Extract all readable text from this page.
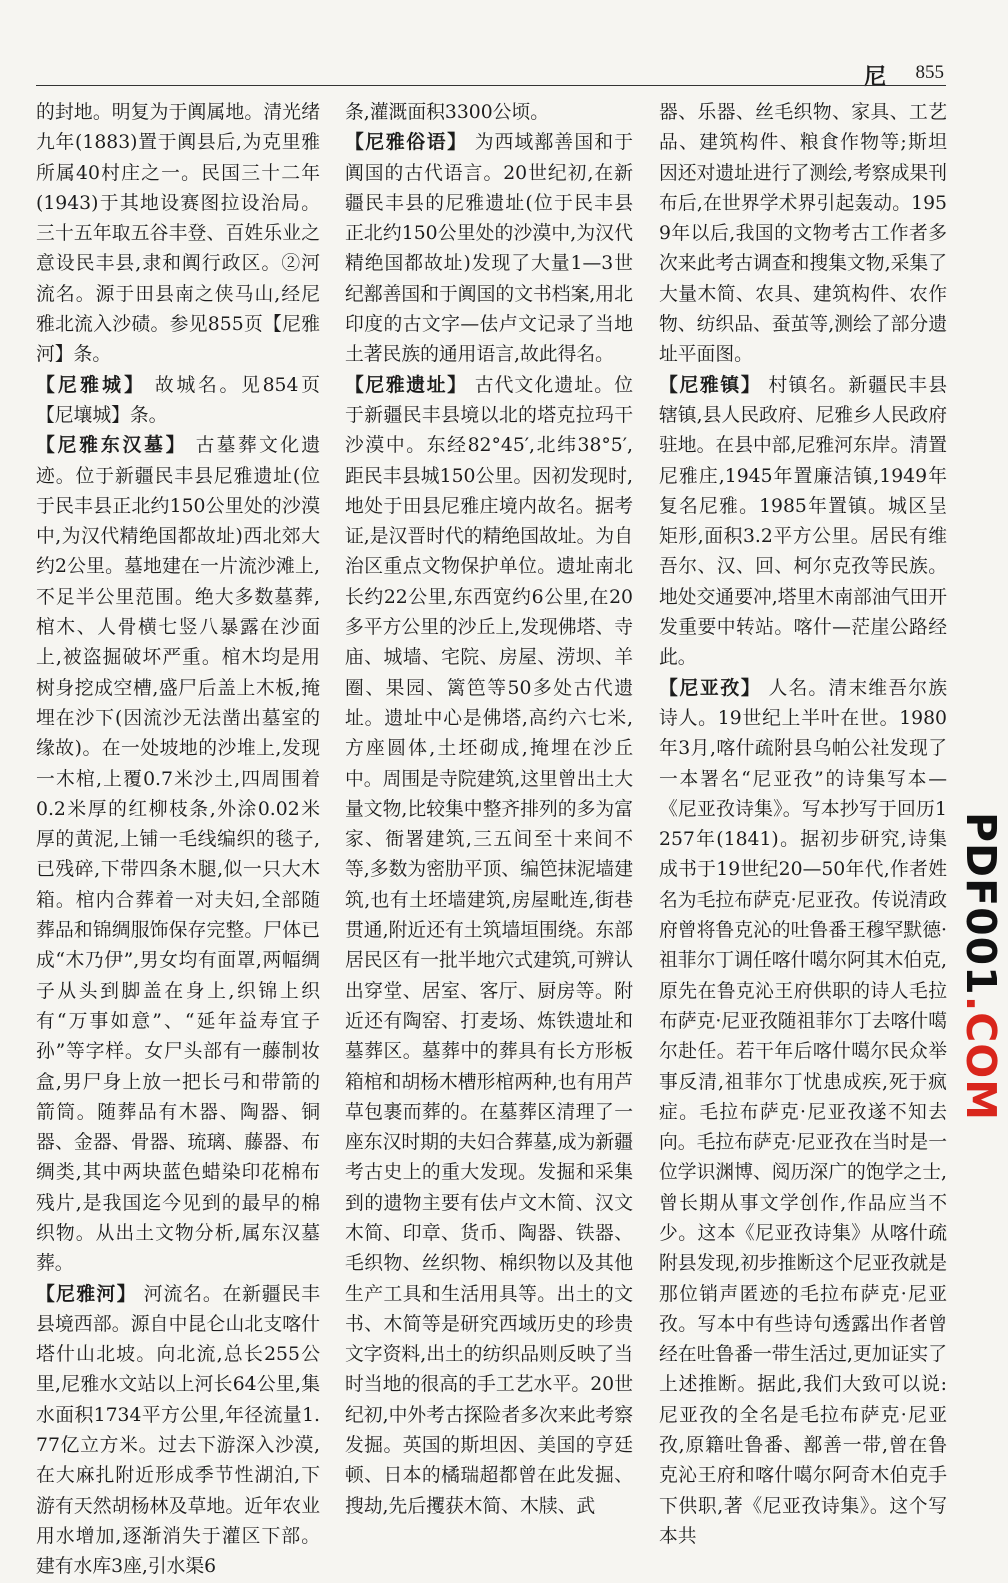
尼 855

的封地。明复为于阗属地。清光绪九年(1883)置于阗县后,为克里雅所属40村庄之一。民国三十二年(1943)于其地设赛图拉设治局。三十五年取五谷丰登、百姓乐业之意设民丰县,隶和阗行政区。②河流名。源于田县南之侠马山,经尼雅北流入沙碛。参见855页【尼雅河】条。

【尼雅城】 故城名。见854页【尼壤城】条。

【尼雅东汉墓】 古墓葬文化遗迹。位于新疆民丰县尼雅遗址(位于民丰县正北约150公里处的沙漠中,为汉代精绝国都故址)西北郊大约2公里。墓地建在一片流沙滩上,不足半公里范围。绝大多数墓葬,棺木、人骨横七竖八暴露在沙面上,被盗掘破坏严重。棺木均是用树身挖成空槽,盛尸后盖上木板,掩埋在沙下(因流沙无法凿出墓室的缘故)。在一处坡地的沙堆上,发现一木棺,上覆0.7米沙土,四周围着0.2米厚的红柳枝条,外涂0.02米厚的黄泥,上铺一毛线编织的毯子,已残碎,下带四条木腿,似一只大木箱。棺内合葬着一对夫妇,全部随葬品和锦绸服饰保存完整。尸体已成“木乃伊”,男女均有面罩,两幅绸子从头到脚盖在身上,织锦上织有“万事如意”、“延年益寿宜子孙”等字样。女尸头部有一藤制妆盒,男尸身上放一把长弓和带箭的箭筒。随葬品有木器、陶器、铜器、金器、骨器、琉璃、藤器、布绸类,其中两块蓝色蜡染印花棉布残片,是我国迄今见到的最早的棉织物。从出土文物分析,属东汉墓葬。

【尼雅河】 河流名。在新疆民丰县境西部。源自中昆仑山北支喀什塔什山北坡。向北流,总长255公里,尼雅水文站以上河长64公里,集水面积1734平方公里,年径流量1.77亿立方米。过去下游深入沙漠,在大麻扎附近形成季节性湖泊,下游有天然胡杨林及草地。近年农业用水增加,逐渐消失于灌区下部。建有水库3座,引水渠6

条,灌溉面积3300公顷。

【尼雅俗语】 为西域鄯善国和于阗国的古代语言。20世纪初,在新疆民丰县的尼雅遗址(位于民丰县正北约150公里处的沙漠中,为汉代精绝国都故址)发现了大量1—3世纪鄯善国和于阗国的文书档案,用北印度的古文字—佉卢文记录了当地土著民族的通用语言,故此得名。

【尼雅遗址】 古代文化遗址。位于新疆民丰县境以北的塔克拉玛干沙漠中。东经82°45′,北纬38°5′,距民丰县城150公里。因初发现时,地处于田县尼雅庄境内故名。据考证,是汉晋时代的精绝国故址。为自治区重点文物保护单位。遗址南北长约22公里,东西宽约6公里,在20多平方公里的沙丘上,发现佛塔、寺庙、城墙、宅院、房屋、涝坝、羊圈、果园、篱笆等50多处古代遗址。遗址中心是佛塔,高约六七米,方座圆体,土坯砌成,掩埋在沙丘中。周围是寺院建筑,这里曾出土大量文物,比较集中整齐排列的多为富家、衙署建筑,三五间至十来间不等,多数为密肋平顶、编笆抹泥墙建筑,也有土坯墙建筑,房屋毗连,街巷贯通,附近还有土筑墙垣围绕。东部居民区有一批半地穴式建筑,可辨认出穿堂、居室、客厅、厨房等。附近还有陶窑、打麦场、炼铁遗址和墓葬区。墓葬中的葬具有长方形板箱棺和胡杨木槽形棺两种,也有用芦草包裹而葬的。在墓葬区清理了一座东汉时期的夫妇合葬墓,成为新疆考古史上的重大发现。发掘和采集到的遗物主要有佉卢文木简、汉文木简、印章、货币、陶器、铁器、毛织物、丝织物、棉织物以及其他生产工具和生活用具等。出土的文书、木简等是研究西域历史的珍贵文字资料,出土的纺织品则反映了当时当地的很高的手工艺水平。20世纪初,中外考古探险者多次来此考察发掘。英国的斯坦因、美国的亨廷顿、日本的橘瑞超都曾在此发掘、搜劫,先后攫获木简、木牍、武

器、乐器、丝毛织物、家具、工艺品、建筑构件、粮食作物等;斯坦因还对遗址进行了测绘,考察成果刊布后,在世界学术界引起轰动。1959年以后,我国的文物考古工作者多次来此考古调查和搜集文物,采集了大量木简、农具、建筑构件、农作物、纺织品、蚕茧等,测绘了部分遗址平面图。

【尼雅镇】 村镇名。新疆民丰县辖镇,县人民政府、尼雅乡人民政府驻地。在县中部,尼雅河东岸。清置尼雅庄,1945年置廉洁镇,1949年复名尼雅。1985年置镇。城区呈矩形,面积3.2平方公里。居民有维吾尔、汉、回、柯尔克孜等民族。地处交通要冲,塔里木南部油气田开发重要中转站。喀什—茫崖公路经此。

【尼亚孜】 人名。清末维吾尔族诗人。19世纪上半叶在世。1980年3月,喀什疏附县乌帕公社发现了一本署名“尼亚孜”的诗集写本—《尼亚孜诗集》。写本抄写于回历1257年(1841)。据初步研究,诗集成书于19世纪20—50年代,作者姓名为毛拉布萨克·尼亚孜。传说清政府曾将鲁克沁的吐鲁番王穆罕默德·祖菲尔丁调任喀什噶尔阿其木伯克,原先在鲁克沁王府供职的诗人毛拉布萨克·尼亚孜随祖菲尔丁去喀什噶尔赴任。若干年后喀什噶尔民众举事反清,祖菲尔丁忧患成疾,死于疯症。毛拉布萨克·尼亚孜遂不知去向。毛拉布萨克·尼亚孜在当时是一位学识渊博、阅历深广的饱学之士,曾长期从事文学创作,作品应当不少。这本《尼亚孜诗集》从喀什疏附县发现,初步推断这个尼亚孜就是那位销声匿迹的毛拉布萨克·尼亚孜。写本中有些诗句透露出作者曾经在吐鲁番一带生活过,更加证实了上述推断。据此,我们大致可以说:尼亚孜的全名是毛拉布萨克·尼亚孜,原籍吐鲁番、鄯善一带,曾在鲁克沁王府和喀什噶尔阿奇木伯克手下供职,著《尼亚孜诗集》。这个写本共

PDF001.COM
